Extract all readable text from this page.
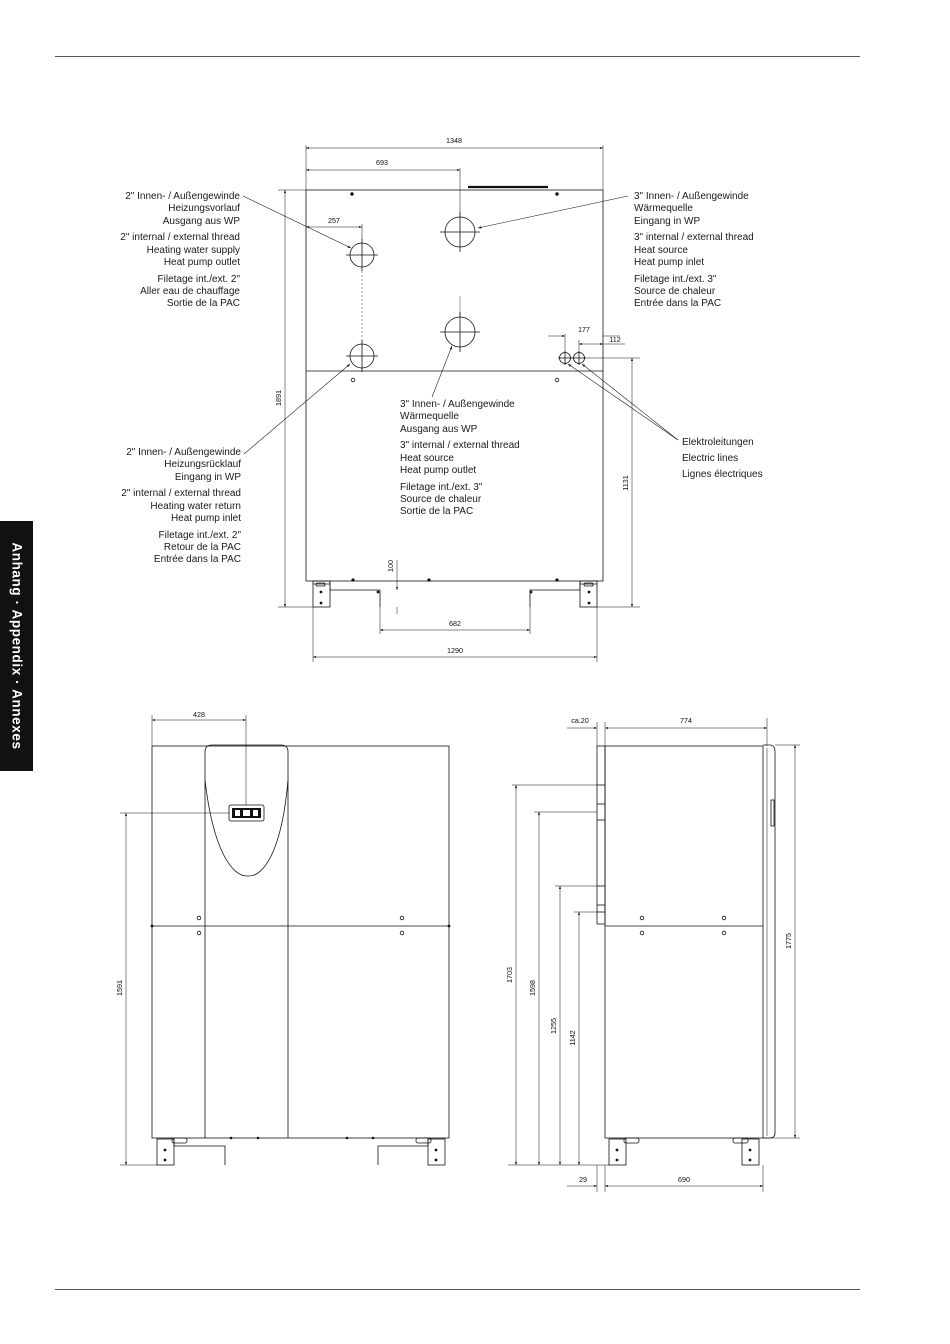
Anhang · Appendix · Annexes
1348
693
257
177
112
1891
1131
100
682
1290
428
1591
ca.20	774
1703
1598
1255
1142
1775
29	690
2" Innen- / Außengewinde
Heizungsvorlauf
Ausgang aus WP
2" internal / external thread
Heating water supply
Heat pump outlet
Filetage int./ext. 2"
Aller eau de chauffage
Sortie de la PAC
3" Innen- / Außengewinde
Wärmequelle
Eingang in WP
3" internal / external thread
Heat source
Heat pump inlet
Filetage int./ext. 3"
Source de chaleur
Entrée dans la PAC
3" Innen- / Außengewinde
Wärmequelle
Ausgang aus WP
3" internal / external thread
Heat source
Heat pump outlet
Filetage int./ext. 3"
Source de chaleur
Sortie de la PAC
2" Innen- / Außengewinde
Heizungsrücklauf
Eingang in WP
2" internal / external thread
Heating water return
Heat pump inlet
Filetage int./ext. 2"
Retour de la PAC
Entrée dans la PAC
Elektroleitungen
Electric lines
Lignes électriques
